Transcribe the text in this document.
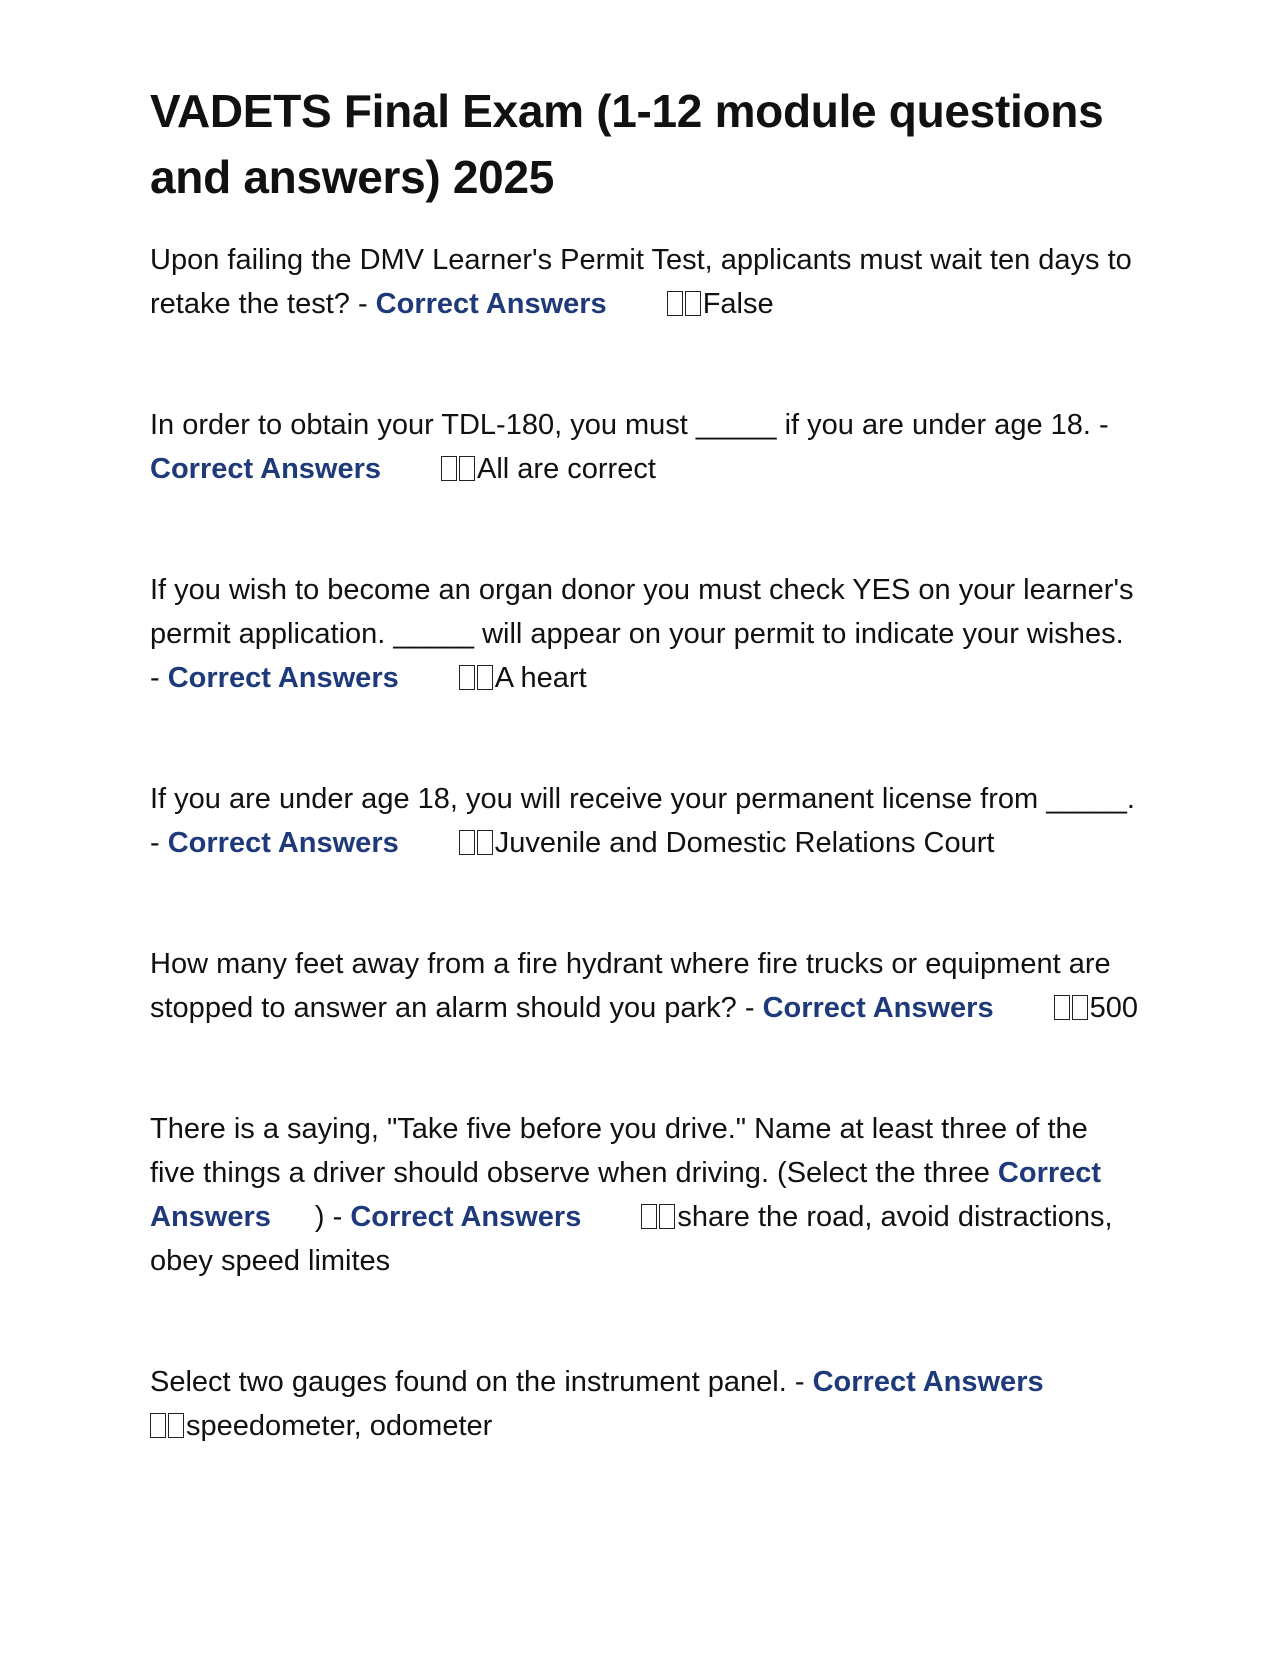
VADETS Final Exam (1-12 module questions and answers) 2025

Upon failing the DMV Learner's Permit Test, applicants must wait ten days to retake the test? - Correct Answers	False

In order to obtain your TDL-180, you must _____ if you are under age 18. - Correct Answers	All are correct

If you wish to become an organ donor you must check YES on your learner's permit application. _____ will appear on your permit to indicate your wishes. - Correct Answers	A heart

If you are under age 18, you will receive your permanent license from _____. - Correct Answers	Juvenile and Domestic Relations Court

How many feet away from a fire hydrant where fire trucks or equipment are stopped to answer an alarm should you park? - Correct Answers	500

There is a saying, "Take five before you drive." Name at least three of the five things a driver should observe when driving. (Select the three Correct Answers ) - Correct Answers	share the road, avoid distractions, obey speed limites

Select two gauges found on the instrument panel. - Correct Answers
speedometer, odometer
